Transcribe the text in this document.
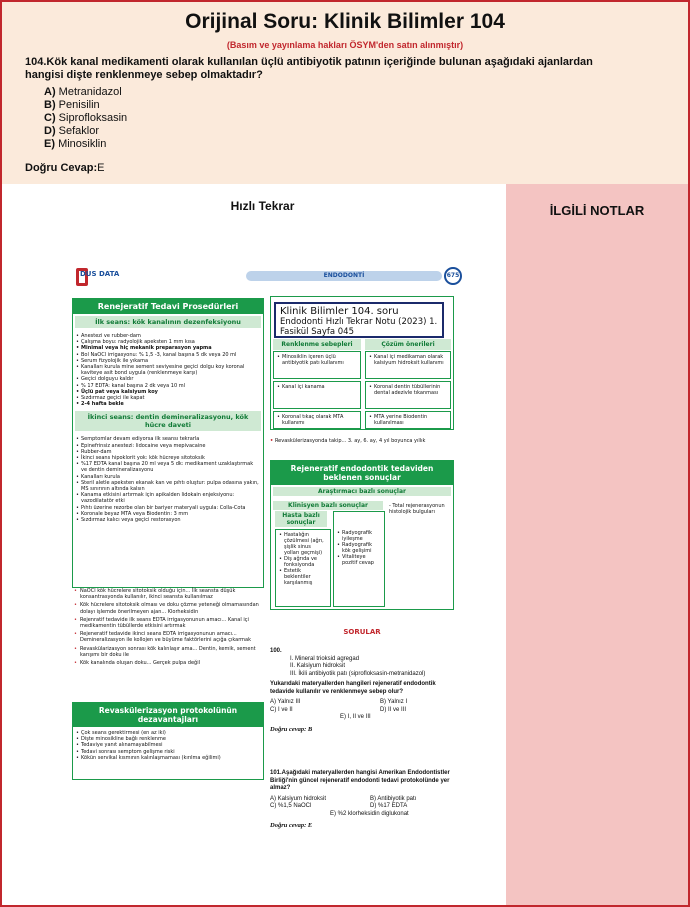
Orijinal Soru: Klinik Bilimler 104
(Basım ve yayınlama hakları ÖSYM'den satın alınmıştır)
104.Kök kanal medikamenti olarak kullanılan üçlü antibiyotik patının içeriğinde bulunan aşağıdaki ajanlardan hangisi dişte renklenmeye sebep olmaktadır?
A) Metranidazol
B) Penisilin
C) Siprofloksasin
D) Sefaklor
E) Minosiklin
Doğru Cevap:E
Hızlı Tekrar	İLGİLİ NOTLAR
DUS DATA	ENDODONTİ	675
Renejeratif Tedavi Prosedürleri
İlk seans: kök kanalının dezenfeksiyonu
• Anestezi ve rubber-dam
• Çalışma boyu: radyolojik apeksten 1 mm kısa
• Minimal veya hiç mekanik preparasyon yapma
• Bol NaOCl irrigasyonu: % 1,5 -3, kanal başına 5 dk veya 20 ml
• Serum fizyolojik ile yıkama
• Kanalları kurula mine sement seviyesine geçici dolgu koy koronal kaviteye asit bond uygula (renklenmeye karşı)
• Geçici dolguyu kaldır
• % 17 EDTA: kanal başına 2 dk veya 10 ml
• Üçlü pat veya kalsiyum koy
• Sızdırmaz geçici ile kapat
• 2-4 hafta bekle
İkinci seans: dentin demineralizasyonu, kök hücre daveti
• Semptomlar devam ediyorsa ilk seansı tekrarla
• Epinefrinsiz anestezi: lidocaine veya mepivacaine
• Rubber-dam
• İkinci seans hipoklorit yok: kök hücreye sitotoksik
• %17 EDTA kanal başına 20 ml veya 5 dk: medikament uzaklaştırmak ve dentin demineralizasyonu
• Kanalları kurula
• Steril aletle apeksten ekanak kan ve pıhtı oluştur: pulpa odasına yakın, MS sınırının altında kalsın
• Kanama etkisini artırmak için apikalden lidokain enjeksiyonu: vazodilatatör etki
• Pıhtı üzerine rezorbe olan bir bariyer materyali uygula: Colla-Cota
• Koronale beyaz MTA veya Biodentin: 3 mm
• Sızdırmaz kalıcı veya geçici restorasyon
• NaOCl kök hücrelere sitotoksik olduğu için... İlk seansta düşük konsantrasyonda kullanılır, ikinci seansta kullanılmaz
• Kök hücrelere sitotoksik olması ve doku çözme yeteneği olmamasından dolayı işlemde önerilmeyen ajan... Klorheksidin
• Rejenratif tedavide ilk seans EDTA irrigasyonunun amacı... Kanal içi medikamentin tübüllerde etkisini artırmak
• Rejeneratif tedavide ikinci seans EDTA irrigasyonunun amacı... Demineralizasyon ile kollojen ve büyüme faktörlerini açığa çıkarmak
• Revaskülarizasyon sonrası kök kalınlaşır ama... Dentin, kemik, sement karışımı bir doku ile
• Kök kanalında oluşan doku... Gerçek pulpa değil
Revaskülerizasyon protokolünün dezavantajları
• Çok seans gerektirmesi (en az iki)
• Dişte minosikline bağlı renklenme
• Tedaviye yanıt alınamayabilmesi
• Tedavi sonrası semptom gelişme riski
• Kökün servikal kısmının kalınlaşmaması (kırılma eğilimi)
Renklenme sebepleri	Çözüm önerileri
• Minosiklin içeren üçlü antibiyotik patı kullanımı
• Kanal içi medikaman olarak kalsiyum hidroksit kullanımı
• Kanal içi kanama
•	Koronal dentin tübüllerinin dental adezivle tıkanması
• Koronal tıkaç olarak MTA kullanımı
• MTA yerine Biodentin kullanılması
Klinik Bilimler 104. soru
Endodonti Hızlı Tekrar Notu (2023) 1. Fasikül Sayfa 045
• Revaskülerizasyonda takip... 3. ay, 6. ay, 4 yıl boyunca yıllık
Rejeneratif endodontik tedaviden beklenen sonuçlar
Araştırmacı bazlı sonuçlar
Klinisyen bazlı sonuçlar
Hasta bazlı sonuçlar
• Hastalığın çözülmesi (ağrı, şişlik sinus yolları geçmişi)
• Diş ağrıda ve fonksiyonda
• Estetik beklentiler karşılanmış
• Radyografik iyileşme
• Radyografik kök gelişimi
• Vitaliteye pozitif cevap
- Total rejenerasyonun histolojik bulguları
SORULAR
100.
I. Mineral trioksid agregad
II. Kalsiyum hidroksit
III. İkili antibiyotik patı (siprofloksasin-metranidazol)
Yukarıdaki materyallerden hangileri rejeneratif endodontik tedavide kullanılır ve renklenmeye sebep olur?
A) Yalnız III	B) Yalnız I
C) I ve II	D) II ve III
E) I, II ve III
Doğru cevap: B
101.Aşağıdaki materyallerden hangisi Amerikan Endodontistler Birliği'nin güncel rejeneratif endodonti tedavi protokolünde yer almaz?
A) Kalsiyum hidroksit	B) Antibiyotik patı
C) %1,5 NaOCl	D) %17 EDTA
E) %2 klorheksidin diglukonat
Doğru cevap: E
